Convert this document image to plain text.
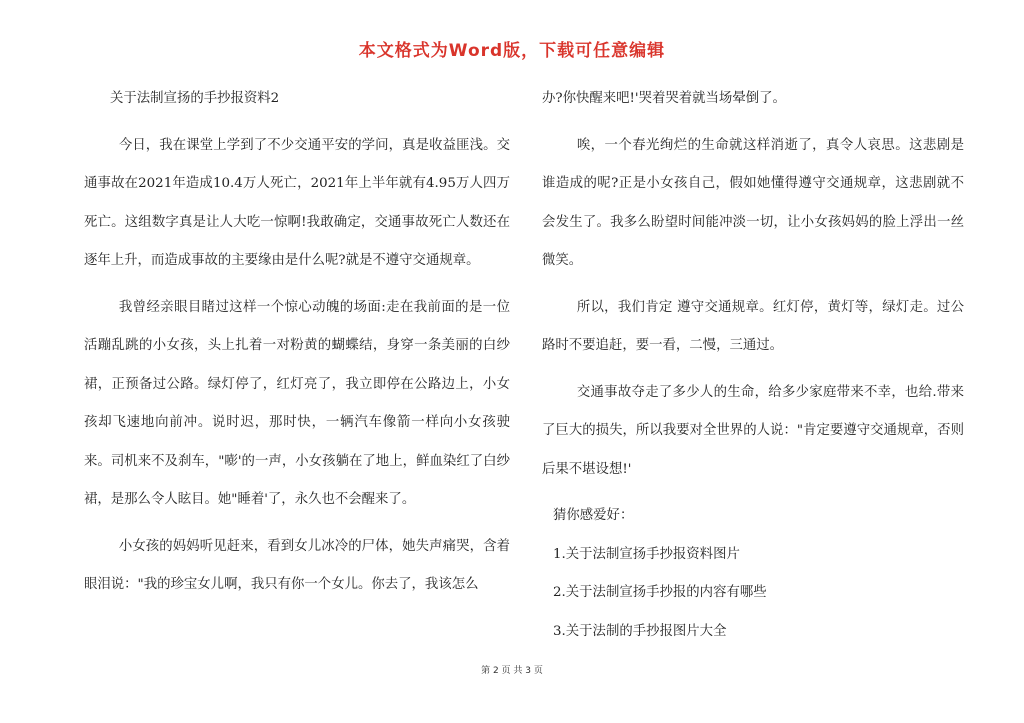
本文格式为Word版，下载可任意编辑

关于法制宣扬的手抄报资料2

今日，我在课堂上学到了不少交通平安的学问，真是收益匪浅。交通事故在2021年造成10.4万人死亡，2021年上半年就有4.95万人四万死亡。这组数字真是让人大吃一惊啊!我敢确定，交通事故死亡人数还在逐年上升，而造成事故的主要缘由是什么呢?就是不遵守交通规章。

我曾经亲眼目睹过这样一个惊心动魄的场面:走在我前面的是一位活蹦乱跳的小女孩，头上扎着一对粉黄的蝴蝶结，身穿一条美丽的白纱裙，正预备过公路。绿灯停了，红灯亮了，我立即停在公路边上，小女孩却飞速地向前冲。说时迟，那时快，一辆汽车像箭一样向小女孩驶来。司机来不及刹车，"嘭'的一声，小女孩躺在了地上，鲜血染红了白纱裙，是那么令人眩目。她"睡着'了，永久也不会醒来了。

小女孩的妈妈听见赶来，看到女儿冰冷的尸体，她失声痛哭，含着眼泪说："我的珍宝女儿啊，我只有你一个女儿。你去了，我该怎么

办?你快醒来吧!'哭着哭着就当场晕倒了。

唉，一个春光绚烂的生命就这样消逝了，真令人哀思。这悲剧是谁造成的呢?正是小女孩自己，假如她懂得遵守交通规章，这悲剧就不会发生了。我多么盼望时间能冲淡一切，让小女孩妈妈的脸上浮出一丝微笑。

所以，我们肯定 遵守交通规章。红灯停，黄灯等，绿灯走。过公路时不要追赶，要一看，二慢，三通过。

交通事故夺走了多少人的生命，给多少家庭带来不幸，也给.带来了巨大的损失，所以我要对全世界的人说："肯定要遵守交通规章，否则后果不堪设想!'

猜你感爱好：

1.关于法制宣扬手抄报资料图片

2.关于法制宣扬手抄报的内容有哪些

3.关于法制的手抄报图片大全

第 2 页 共 3 页
